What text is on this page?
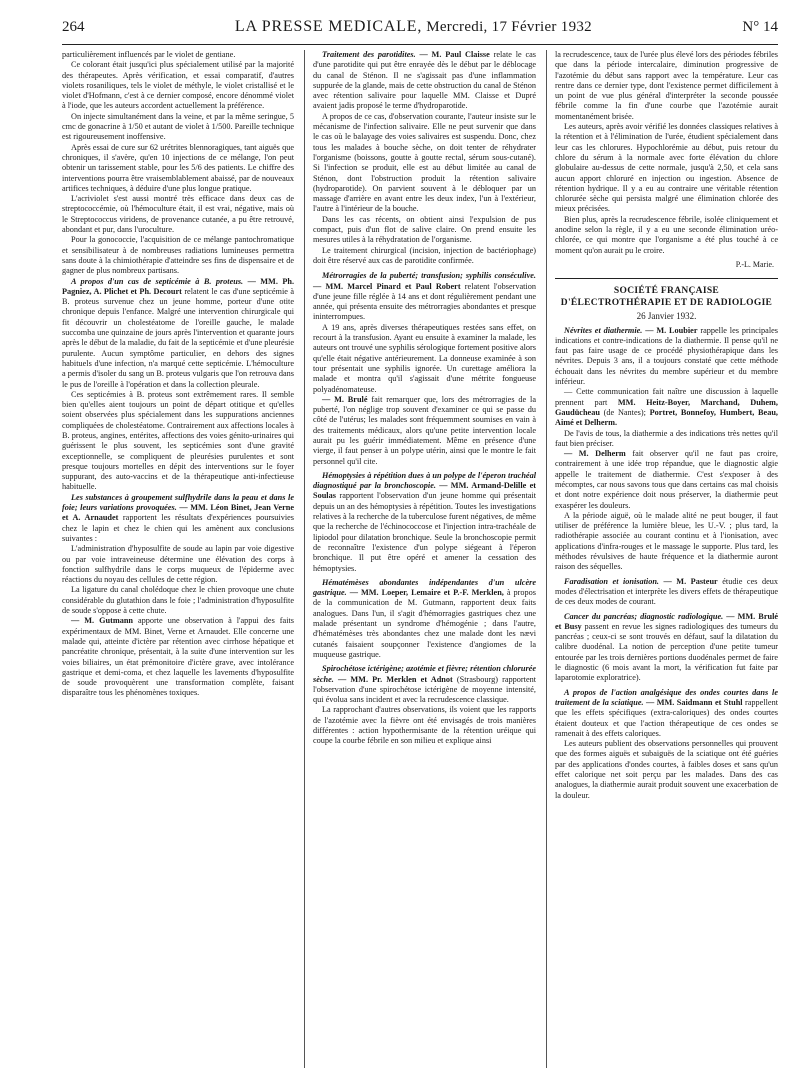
264	LA PRESSE MEDICALE, Mercredi, 17 Février 1932	N° 14

particulièrement influencés par le violet de gentiane.

Ce colorant était jusqu'ici plus spécialement utilisé par la majorité des thérapeutes. Après vérification, et essai comparatif, d'autres violets rosaniliques, tels le violet de méthyle, le violet cristallisé et le violet d'Hofmann, c'est à ce dernier composé, encore dénommé violet à l'iode, que les auteurs accordent actuellement la préférence.

On injecte simultanément dans la veine, et par la même seringue, 5 cmc de gonacrine à 1/50 et autant de violet à 1/500. Pareille technique est rigoureusement inoffensive.

Après essai de cure sur 62 urétrites blennoragiques, tant aiguës que chroniques, il s'avère, qu'en 10 injections de ce mélange, l'on peut obtenir un tarissement stable, pour les 5/6 des patients. Le chiffre des interventions pourra être vraisemblablement abaissé, par de nouveaux artifices techniques, à déduire d'une plus longue pratique.

L'acriviolet s'est aussi montré très efficace dans deux cas de streptococcémie, où l'hémoculture était, il est vrai, négative, mais où le Streptococcus viridens, de provenance cutanée, a pu être retrouvé, abondant et pur, dans l'uroculture.

Pour la gonococcie, l'acquisition de ce mélange pantochromatique et sensibilisateur à de nombreuses radiations lumineuses permettra sans doute à la chimiothérapie d'atteindre ses fins de dispensaire et de gagner de plus nombreux partisans.

A propos d'un cas de septicémie à B. proteus. — MM. Ph. Pagniez, A. Plichet et Ph. Decourt relatent le cas d'une septicémie à B. proteus survenue chez un jeune homme, porteur d'une otite chronique depuis l'enfance. Malgré une intervention chirurgicale qui fit découvrir un cholestéatome de l'oreille gauche, le malade succomba une quinzaine de jours après l'intervention et quarante jours après le début de la maladie, du fait de la septicémie et d'une pleurésie purulente. Aucun symptôme particulier, en dehors des signes habituels d'une infection, n'a marqué cette septicémie. L'hémoculture a permis d'isoler du sang un B. proteus vulgaris que l'on retrouva dans le pus de l'oreille à l'opération et dans la collection pleurale.

Ces septicémies à B. proteus sont extrêmement rares. Il semble bien qu'elles aient toujours un point de départ otitique et qu'elles soient observées plus spécialement dans les suppurations anciennes compliquées de cholestéatome. Contrairement aux affections locales à B. proteus, angines, entérites, affections des voies génito-urinaires qui guérissent le plus souvent, les septicémies sont d'une gravité exceptionnelle, se compliquent de pleurésies purulentes et sont presque toujours mortelles en dépit des interventions sur le foyer suppurant, des auto-vaccins et de la thérapeutique anti-infectieuse habituelle.

Les substances à groupement sulfhydrile dans la peau et dans le foie; leurs variations provoquées. — MM. Léon Binet, Jean Verne et A. Arnaudet rapportent les résultats d'expériences poursuivies chez le lapin et chez le chien qui les amènent aux conclusions suivantes :

L'administration d'hyposulfite de soude au lapin par voie digestive ou par voie intraveineuse détermine une élévation des corps à fonction sulfhydrile dans le corps muqueux de l'épiderme avec réactions du noyau des cellules de cette région.

La ligature du canal cholédoque chez le chien provoque une chute considérable du glutathion dans le foie ; l'administration d'hyposulfite de soude s'oppose à cette chute.

— M. Gutmann apporte une observation à l'appui des faits expérimentaux de MM. Binet, Verne et Arnaudet. Elle concerne une malade qui, atteinte d'ictère par rétention avec cirrhose hépatique et pancréatite chronique, présentait, à la suite d'une intervention sur les voies biliaires, un état prémonitoire d'ictère grave, avec intolérance gastrique et demi-coma, et chez laquelle les lavements d'hyposulfite de soude provoquèrent une transformation complète, faisant disparaître tous les phénomènes toxiques.

Traitement des parotidites. — M. Paul Claisse relate le cas d'une parotidite qui put être enrayée dès le début par le déblocage du canal de Sténon. Il ne s'agissait pas d'une inflammation suppurée de la glande, mais de cette obstruction du canal de Sténon avec rétention salivaire pour laquelle MM. Claisse et Dupré avaient jadis proposé le terme d'hydroparotide.

A propos de ce cas, d'observation courante, l'auteur insiste sur le mécanisme de l'infection salivaire. Elle ne peut survenir que dans le cas où le balayage des voies salivaires est suspendu. Donc, chez tous les malades à bouche sèche, on doit tenter de réhydrater l'organisme (boissons, goutte à goutte rectal, sérum sous-cutané). Si l'infection se produit, elle est au début limitée au canal de Sténon, dont l'obstruction produit la rétention salivaire (hydroparotide). On parvient souvent à le débloquer par un massage d'arrière en avant entre les deux index, l'un à l'extérieur, l'autre à l'intérieur de la bouche.

Dans les cas récents, on obtient ainsi l'expulsion de pus compact, puis d'un flot de salive claire. On prend ensuite les mesures utiles à la réhydratation de l'organisme.

Le traitement chirurgical (incision, injection de bactériophage) doit être réservé aux cas de parotidite confirmée.

Métrorragies de la puberté; transfusion; syphilis conséculive. — MM. Marcel Pinard et Paul Robert relatent l'observation d'une jeune fille réglée à 14 ans et dont régulièrement pendant une année, qui présenta ensuite des métrorragies abondantes et presque ininterrompues.

A 19 ans, après diverses thérapeutiques restées sans effet, on recourt à la transfusion. Ayant eu ensuite à examiner la malade, les auteurs ont trouvé une syphilis sérologique fortement positive alors qu'elle était négative antérieurement. La donneuse examinée à son tour présentait une syphilis ignorée. Un curettage améliora la malade et montra qu'il s'agissait d'une métrite fongueuse polyadénomateuse.

— M. Brulé fait remarquer que, lors des métrorragies de la puberté, l'on néglige trop souvent d'examiner ce qui se passe du côté de l'utérus; les malades sont fréquemment soumises en vain à des traitements médicaux, alors qu'une petite intervention locale aurait pu les guérir immédiatement. Même en présence d'une vierge, il faut penser à un polype utérin, ainsi que le montre le fait personnel qu'il cite.

Hémoptysies à répétition dues à un polype de l'éperon trachéal diagnostiqué par la bronchoscopie. — MM. Armand-Delille et Soulas rapportent l'observation d'un jeune homme qui présentait depuis un an des hémoptysies à répétition. Toutes les investigations relatives à la recherche de la tuberculose furent négatives, de même que la recherche de l'échinococcose et l'injection intra-trachéale de lipiodol pour dilatation bronchique. Seule la bronchoscopie permit de reconnaître l'existence d'un polype siégeant à l'éperon bronchique. Il put être opéré et amener la cessation des hémoptysies.

Hématémèses abondantes indépendantes d'un ulcère gastrique. — MM. Loeper, Lemaire et P.-F. Merklen, à propos de la communication de M. Gutmann, rapportent deux faits analogues. Dans l'un, il s'agit d'hémorragies gastriques chez une malade présentant un syndrome d'hémogénie ; dans l'autre, d'hématémèses très abondantes chez une malade dont les nævi cutanés faisaient soupçonner l'existence d'angiomes de la muqueuse gastrique.

Spirochétose ictérigène; azotémie et fièvre; rétention chlorurée sèche. — MM. Pr. Merklen et Adnot (Strasbourg) rapportent l'observation d'une spirochétose ictérigène de moyenne intensité, qui évolua sans incident et avec la recrudescence classique.

La rapprochant d'autres observations, ils voient que les rapports de l'azotémie avec la fièvre ont été envisagés de trois manières différentes : action hypothermisante de la rétention uréique qui coupe la courbe fébrile en son milieu et explique ainsi

la recrudescence, taux de l'urée plus élevé lors des périodes fébriles que dans la période intercalaire, diminution progressive de l'azotémie du début sans rapport avec la température. Leur cas rentre dans ce dernier type, dont l'existence permet difficilement à un point de vue plus général d'interpréter la seconde poussée fébrile comme la fin d'une courbe que l'azotémie aurait momentanément brisée.

Les auteurs, après avoir vérifié les données classiques relatives à la rétention et à l'élimination de l'urée, étudient spécialement dans leur cas les chlorures. Hypochlorémie au début, puis retour du chlore du sérum à la normale avec forte élévation du chlore globulaire au-dessus de cette normale, jusqu'à 2,50, et cela sans aucun apport chloruré en injection ou ingestion. Absence de rétention hydrique. Il y a eu au contraire une véritable rétention chlorurée sèche qui persista malgré une élimination chlorée des mieux précisées.

Bien plus, après la recrudescence fébrile, isolée cliniquement et anodine selon la règle, il y a eu une seconde élimination uréo-chlorée, ce qui montre que l'organisme a été plus touché à ce moment qu'on aurait pu le croire.

P.-L. Marie.
SOCIÉTÉ FRANÇAISE
D'ÉLECTROTHÉRAPIE ET DE RADIOLOGIE
26 Janvier 1932.

Névrites et diathermie. — M. Loubier rappelle les principales indications et contre-indications de la diathermie. Il pense qu'il ne faut pas faire usage de ce procédé physiothérapique dans les névrites. Depuis 3 ans, il a toujours constaté que cette méthode échouait dans les névrites du membre supérieur et du membre inférieur.

— Cette communication fait naître une discussion à laquelle prennent part MM. Heitz-Boyer, Marchand, Duhem, Gaudücheau (de Nantes); Portret, Bonnefoy, Humbert, Beau, Aimé et Delherm.

De l'avis de tous, la diathermie a des indications très nettes qu'il faut bien préciser.

— M. Delherm fait observer qu'il ne faut pas croire, contrairement à une idée trop répandue, que le diagnostic algie appelle le traitement de diathermie. C'est s'exposer à des mécomptes, car nous savons tous que dans certains cas mal choisis et dont notre expérience doit nous préserver, la diathermie peut exaspérer les douleurs.

A la période aiguë, où le malade alité ne peut bouger, il faut utiliser de préférence la lumière bleue, les U.-V. ; plus tard, la radiothérapie associée au courant continu et à l'ionisation, avec applications d'infra-rouges et le massage le supporte. Plus tard, les méthodes révulsives de haute fréquence et la diathermie auront raison des séquelles.

Faradisation et ionisation. — M. Pasteur étudie ces deux modes d'électrisation et interprète les divers effets de thérapeutique de ces deux modes de courant.

Cancer du pancréas; diagnostic radiologique. — MM. Brulé et Busy passent en revue les signes radiologiques des tumeurs du pancréas ; ceux-ci se sont trouvés en défaut, sauf la dilatation du calibre duodénal. La notion de perception d'une petite tumeur entourée par les trois dernières portions duodénales permet de faire le diagnostic (6 mois avant la mort, la vérification fut faite par laparotomie exploratrice).

A propos de l'action analgésique des ondes courtes dans le traitement de la sciatique. — MM. Saidmann et Stuhl rappellent que les effets spécifiques (extra-caloriques) des ondes courtes étaient douteux et que l'action thérapeutique de ces ondes se ramenait à des effets caloriques.

Les auteurs publient des observations personnelles qui prouvent que des formes aiguës et subaiguës de la sciatique ont été guéries par des applications d'ondes courtes, à faibles doses et sans qu'un effet calorique net soit perçu par les malades. Dans des cas analogues, la diathermie aurait produit souvent une exacerbation de la douleur.
